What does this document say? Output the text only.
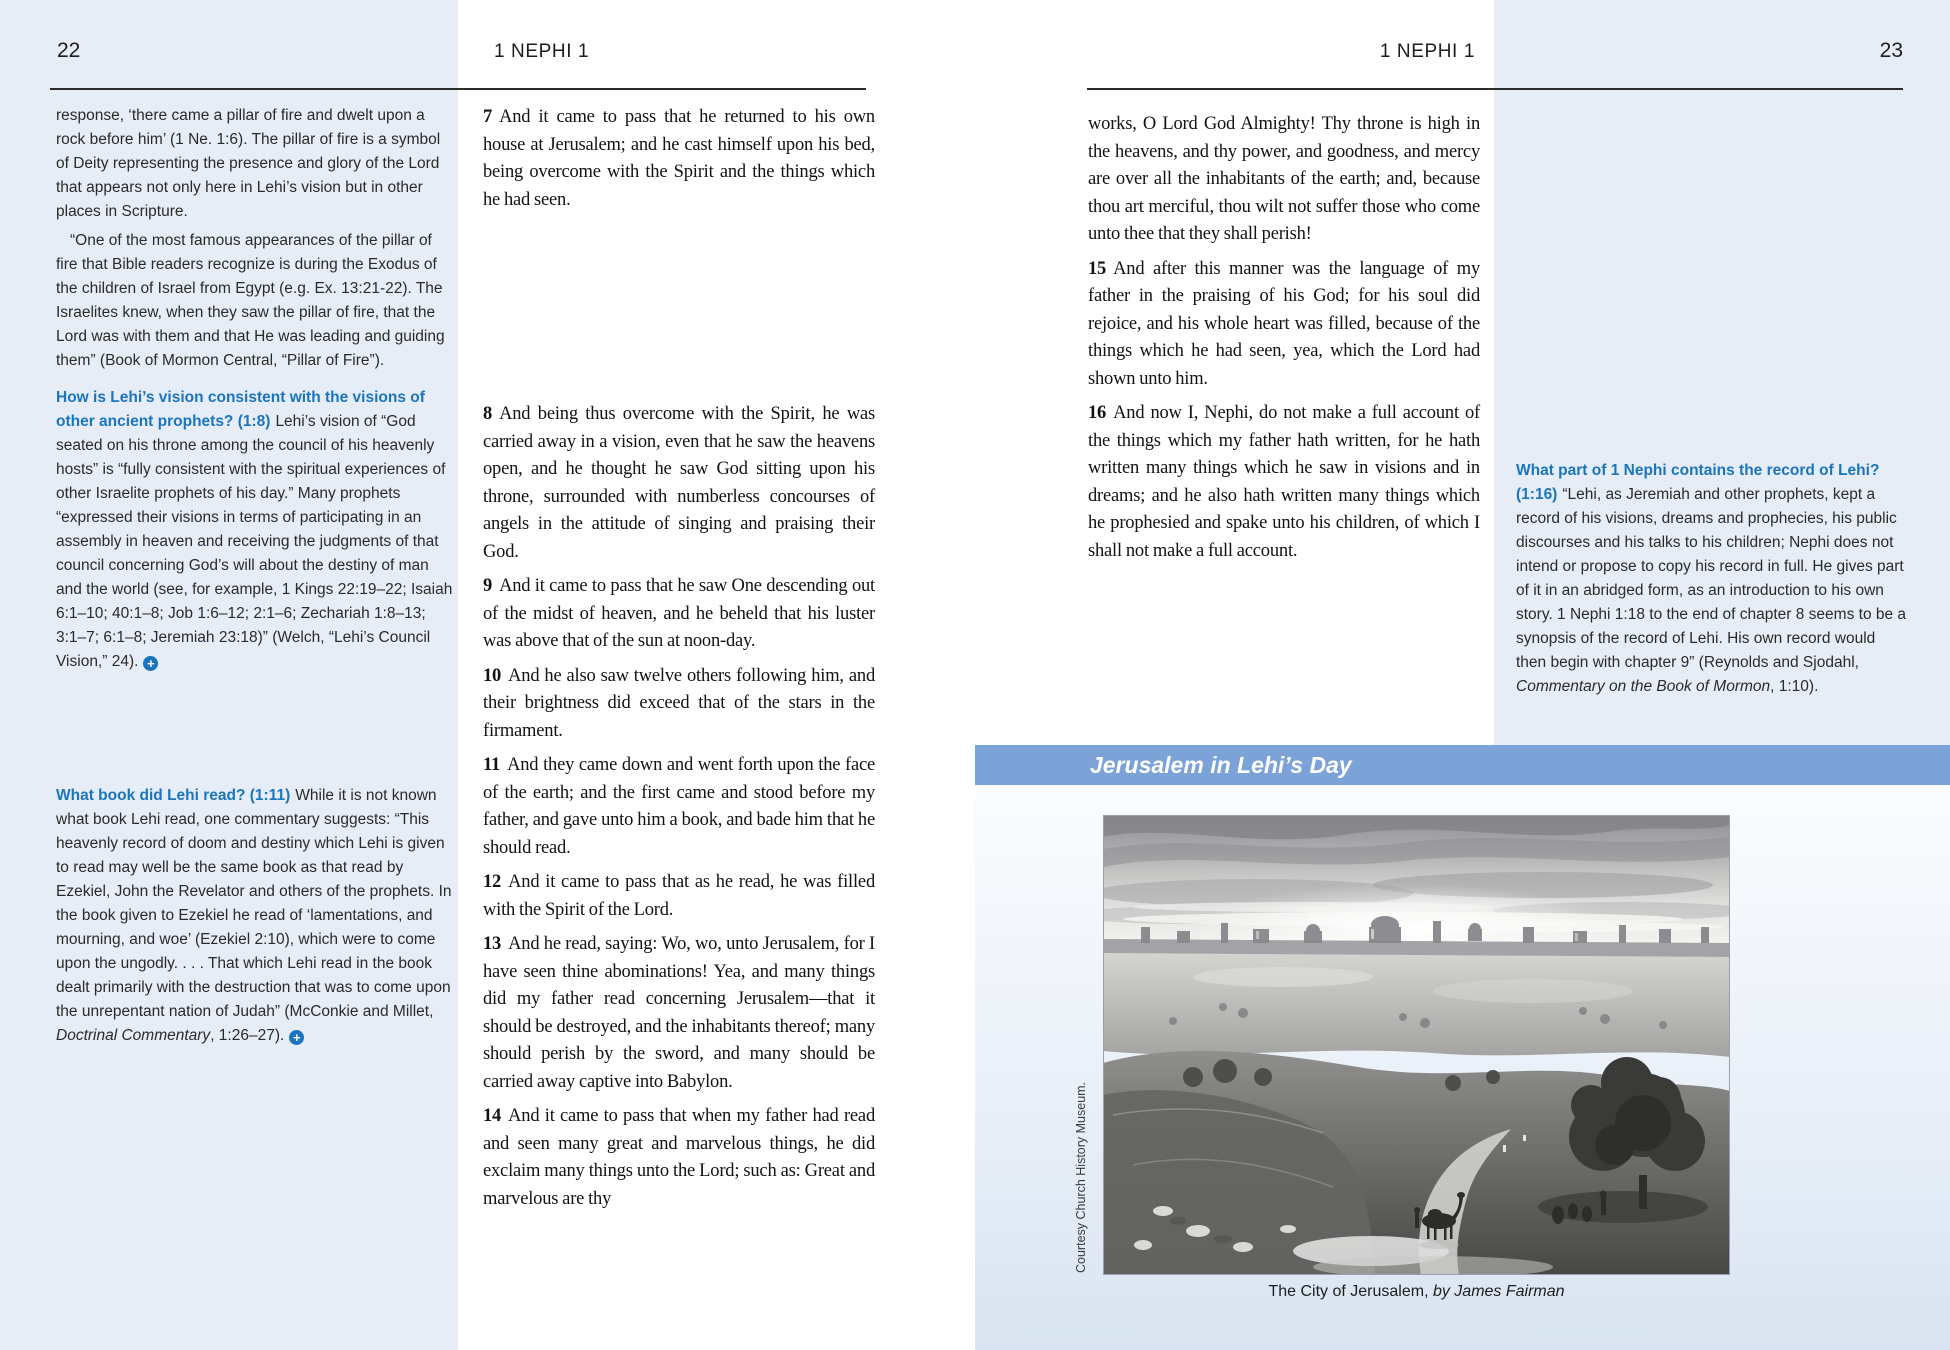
22	1 NEPHI 1	1 NEPHI 1	23

response, ‘there came a pillar of fire and dwelt upon a rock before him’ (1 Ne. 1:6). The pillar of fire is a symbol of Deity representing the presence and glory of the Lord that appears not only here in Lehi’s vision but in other places in Scripture.

“One of the most famous appearances of the pillar of fire that Bible readers recognize is during the Exodus of the children of Israel from Egypt (e.g. Ex. 13:21-22). The Israelites knew, when they saw the pillar of fire, that the Lord was with them and that He was leading and guiding them” (Book of Mormon Central, “Pillar of Fire”).

How is Lehi’s vision consistent with the visions of other ancient prophets? (1:8) Lehi’s vision of “God seated on his throne among the council of his heavenly hosts” is “fully consistent with the spiritual experiences of other Israelite prophets of his day.” Many prophets “expressed their visions in terms of participating in an assembly in heaven and receiving the judgments of that council concerning God’s will about the destiny of man and the world (see, for example, 1 Kings 22:19–22; Isaiah 6:1–10; 40:1–8; Job 1:6–12; 2:1–6; Zechariah 1:8–13; 3:1–7; 6:1–8; Jeremiah 23:18)” (Welch, “Lehi’s Council Vision,” 24). +

What book did Lehi read? (1:11) While it is not known what book Lehi read, one commentary suggests: “This heavenly record of doom and destiny which Lehi is given to read may well be the same book as that read by Ezekiel, John the Revelator and others of the prophets. In the book given to Ezekiel he read of ‘lamentations, and mourning, and woe’ (Ezekiel 2:10), which were to come upon the ungodly. . . . That which Lehi read in the book dealt primarily with the destruction that was to come upon the unrepentant nation of Judah” (McConkie and Millet, Doctrinal Commentary, 1:26–27). +

7 And it came to pass that he returned to his own house at Jerusalem; and he cast himself upon his bed, being overcome with the Spirit and the things which he had seen.

8 And being thus overcome with the Spirit, he was carried away in a vision, even that he saw the heavens open, and he thought he saw God sitting upon his throne, surrounded with numberless concourses of angels in the attitude of singing and praising their God.

9 And it came to pass that he saw One descending out of the midst of heaven, and he beheld that his luster was above that of the sun at noon-day.

10 And he also saw twelve others following him, and their brightness did exceed that of the stars in the firmament.

11 And they came down and went forth upon the face of the earth; and the first came and stood before my father, and gave unto him a book, and bade him that he should read.

12 And it came to pass that as he read, he was filled with the Spirit of the Lord.

13 And he read, saying: Wo, wo, unto Jerusalem, for I have seen thine abominations! Yea, and many things did my father read concerning Jerusalem—that it should be destroyed, and the inhabitants thereof; many should perish by the sword, and many should be carried away captive into Babylon.

14 And it came to pass that when my father had read and seen many great and marvelous things, he did exclaim many things unto the Lord; such as: Great and marvelous are thy

works, O Lord God Almighty! Thy throne is high in the heavens, and thy power, and goodness, and mercy are over all the inhabitants of the earth; and, because thou art merciful, thou wilt not suffer those who come unto thee that they shall perish!

15 And after this manner was the language of my father in the praising of his God; for his soul did rejoice, and his whole heart was filled, because of the things which he had seen, yea, which the Lord had shown unto him.

16 And now I, Nephi, do not make a full account of the things which my father hath written, for he hath written many things which he saw in visions and in dreams; and he also hath written many things which he prophesied and spake unto his children, of which I shall not make a full account.

What part of 1 Nephi contains the record of Lehi? (1:16) “Lehi, as Jeremiah and other prophets, kept a record of his visions, dreams and prophecies, his public discourses and his talks to his children; Nephi does not intend or propose to copy his record in full. He gives part of it in an abridged form, as an introduction to his own story. 1 Nephi 1:18 to the end of chapter 8 seems to be a synopsis of the record of Lehi. His own record would then begin with chapter 9” (Reynolds and Sjodahl, Commentary on the Book of Mormon, 1:10).

Jerusalem in Lehi’s Day
Courtesy Church History Museum.
The City of Jerusalem, by James Fairman
